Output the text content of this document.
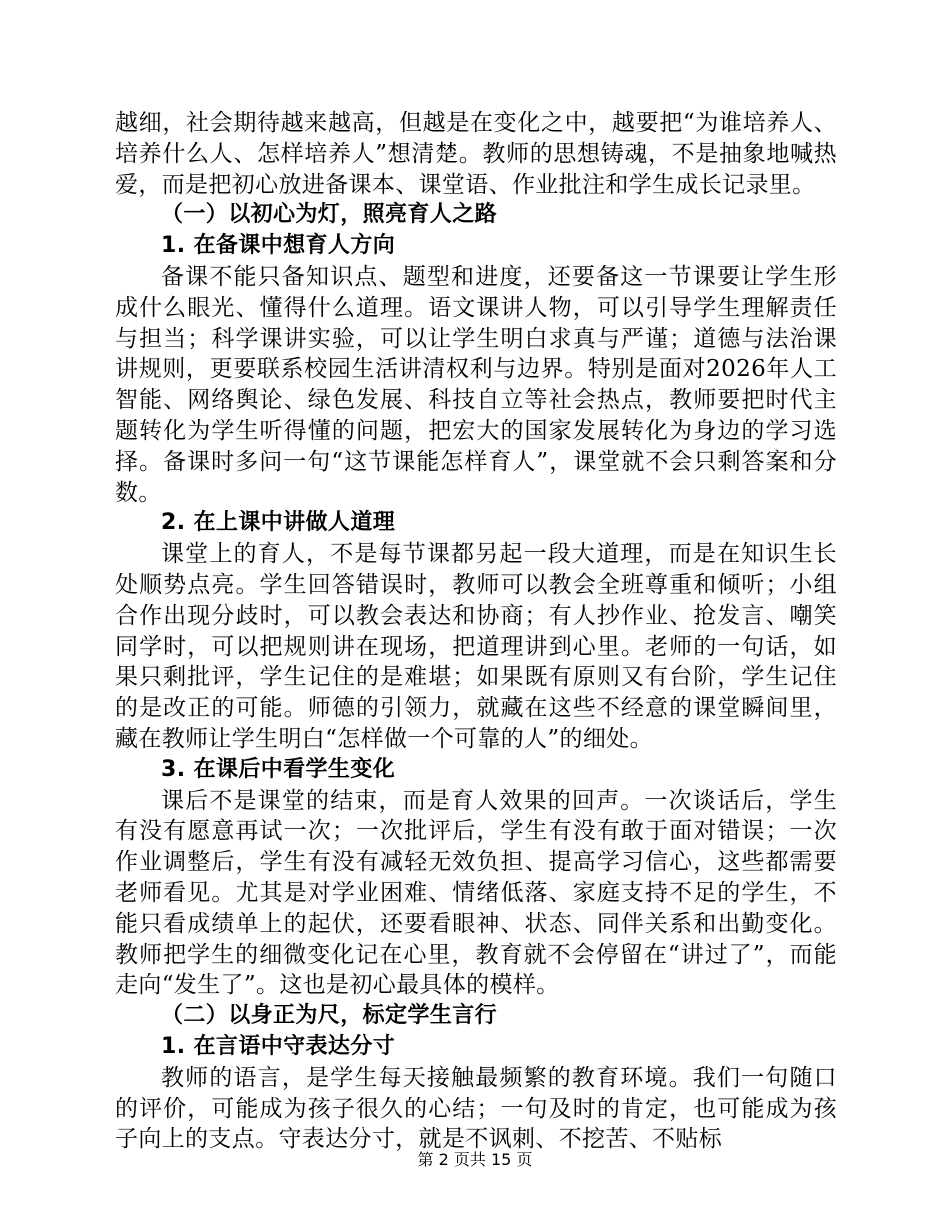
越细，社会期待越来越高，但越是在变化之中，越要把“为谁培养人、培养什么人、怎样培养人”想清楚。教师的思想铸魂，不是抽象地喊热爱，而是把初心放进备课本、课堂语、作业批注和学生成长记录里。

（一）以初心为灯，照亮育人之路

1. 在备课中想育人方向

备课不能只备知识点、题型和进度，还要备这一节课要让学生形成什么眼光、懂得什么道理。语文课讲人物，可以引导学生理解责任与担当；科学课讲实验，可以让学生明白求真与严谨；道德与法治课讲规则，更要联系校园生活讲清权利与边界。特别是面对2026年人工智能、网络舆论、绿色发展、科技自立等社会热点，教师要把时代主题转化为学生听得懂的问题，把宏大的国家发展转化为身边的学习选择。备课时多问一句“这节课能怎样育人”，课堂就不会只剩答案和分数。

2. 在上课中讲做人道理

课堂上的育人，不是每节课都另起一段大道理，而是在知识生长处顺势点亮。学生回答错误时，教师可以教会全班尊重和倾听；小组合作出现分歧时，可以教会表达和协商；有人抄作业、抢发言、嘲笑同学时，可以把规则讲在现场，把道理讲到心里。老师的一句话，如果只剩批评，学生记住的是难堪；如果既有原则又有台阶，学生记住的是改正的可能。师德的引领力，就藏在这些不经意的课堂瞬间里，藏在教师让学生明白“怎样做一个可靠的人”的细处。

3. 在课后中看学生变化

课后不是课堂的结束，而是育人效果的回声。一次谈话后，学生有没有愿意再试一次；一次批评后，学生有没有敢于面对错误；一次作业调整后，学生有没有减轻无效负担、提高学习信心，这些都需要老师看见。尤其是对学业困难、情绪低落、家庭支持不足的学生，不能只看成绩单上的起伏，还要看眼神、状态、同伴关系和出勤变化。教师把学生的细微变化记在心里，教育就不会停留在“讲过了”，而能走向“发生了”。这也是初心最具体的模样。

（二）以身正为尺，标定学生言行

1. 在言语中守表达分寸

教师的语言，是学生每天接触最频繁的教育环境。我们一句随口的评价，可能成为孩子很久的心结；一句及时的肯定，也可能成为孩子向上的支点。守表达分寸，就是不讽刺、不挖苦、不贴标

第 2 页共 15 页
